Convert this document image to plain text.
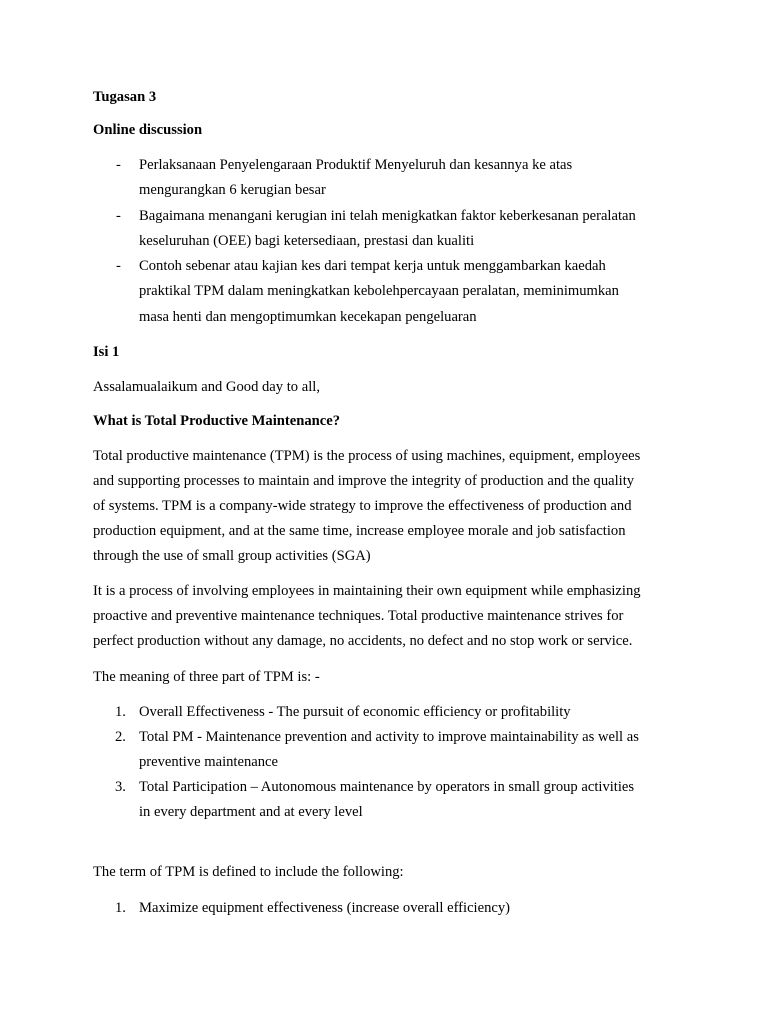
Tugasan 3

Online discussion

- Perlaksanaan Penyelengaraan Produktif Menyeluruh dan kesannya ke atas

mengurangkan 6 kerugian besar

- Bagaimana menangani kerugian ini telah menigkatkan faktor keberkesanan peralatan

keseluruhan (OEE) bagi ketersediaan, prestasi dan kualiti

- Contoh sebenar atau kajian kes dari tempat kerja untuk menggambarkan kaedah

praktikal TPM dalam meningkatkan kebolehpercayaan peralatan, meminimumkan

masa henti dan mengoptimumkan kecekapan pengeluaran

Isi 1

Assalamualaikum and Good day to all,

What is Total Productive Maintenance?

Total productive maintenance (TPM) is the process of using machines, equipment, employees

and supporting processes to maintain and improve the integrity of production and the quality

of systems. TPM is a company-wide strategy to improve the effectiveness of production and

production equipment, and at the same time, increase employee morale and job satisfaction

through the use of small group activities (SGA)

It is a process of involving employees in maintaining their own equipment while emphasizing

proactive and preventive maintenance techniques. Total productive maintenance strives for

perfect production without any damage, no accidents, no defect and no stop work or service.

The meaning of three part of TPM is: -

1. Overall Effectiveness - The pursuit of economic efficiency or profitability

2. Total PM - Maintenance prevention and activity to improve maintainability as well as

preventive maintenance

3. Total Participation – Autonomous maintenance by operators in small group activities

in every department and at every level

The term of TPM is defined to include the following:

1. Maximize equipment effectiveness (increase overall efficiency)
